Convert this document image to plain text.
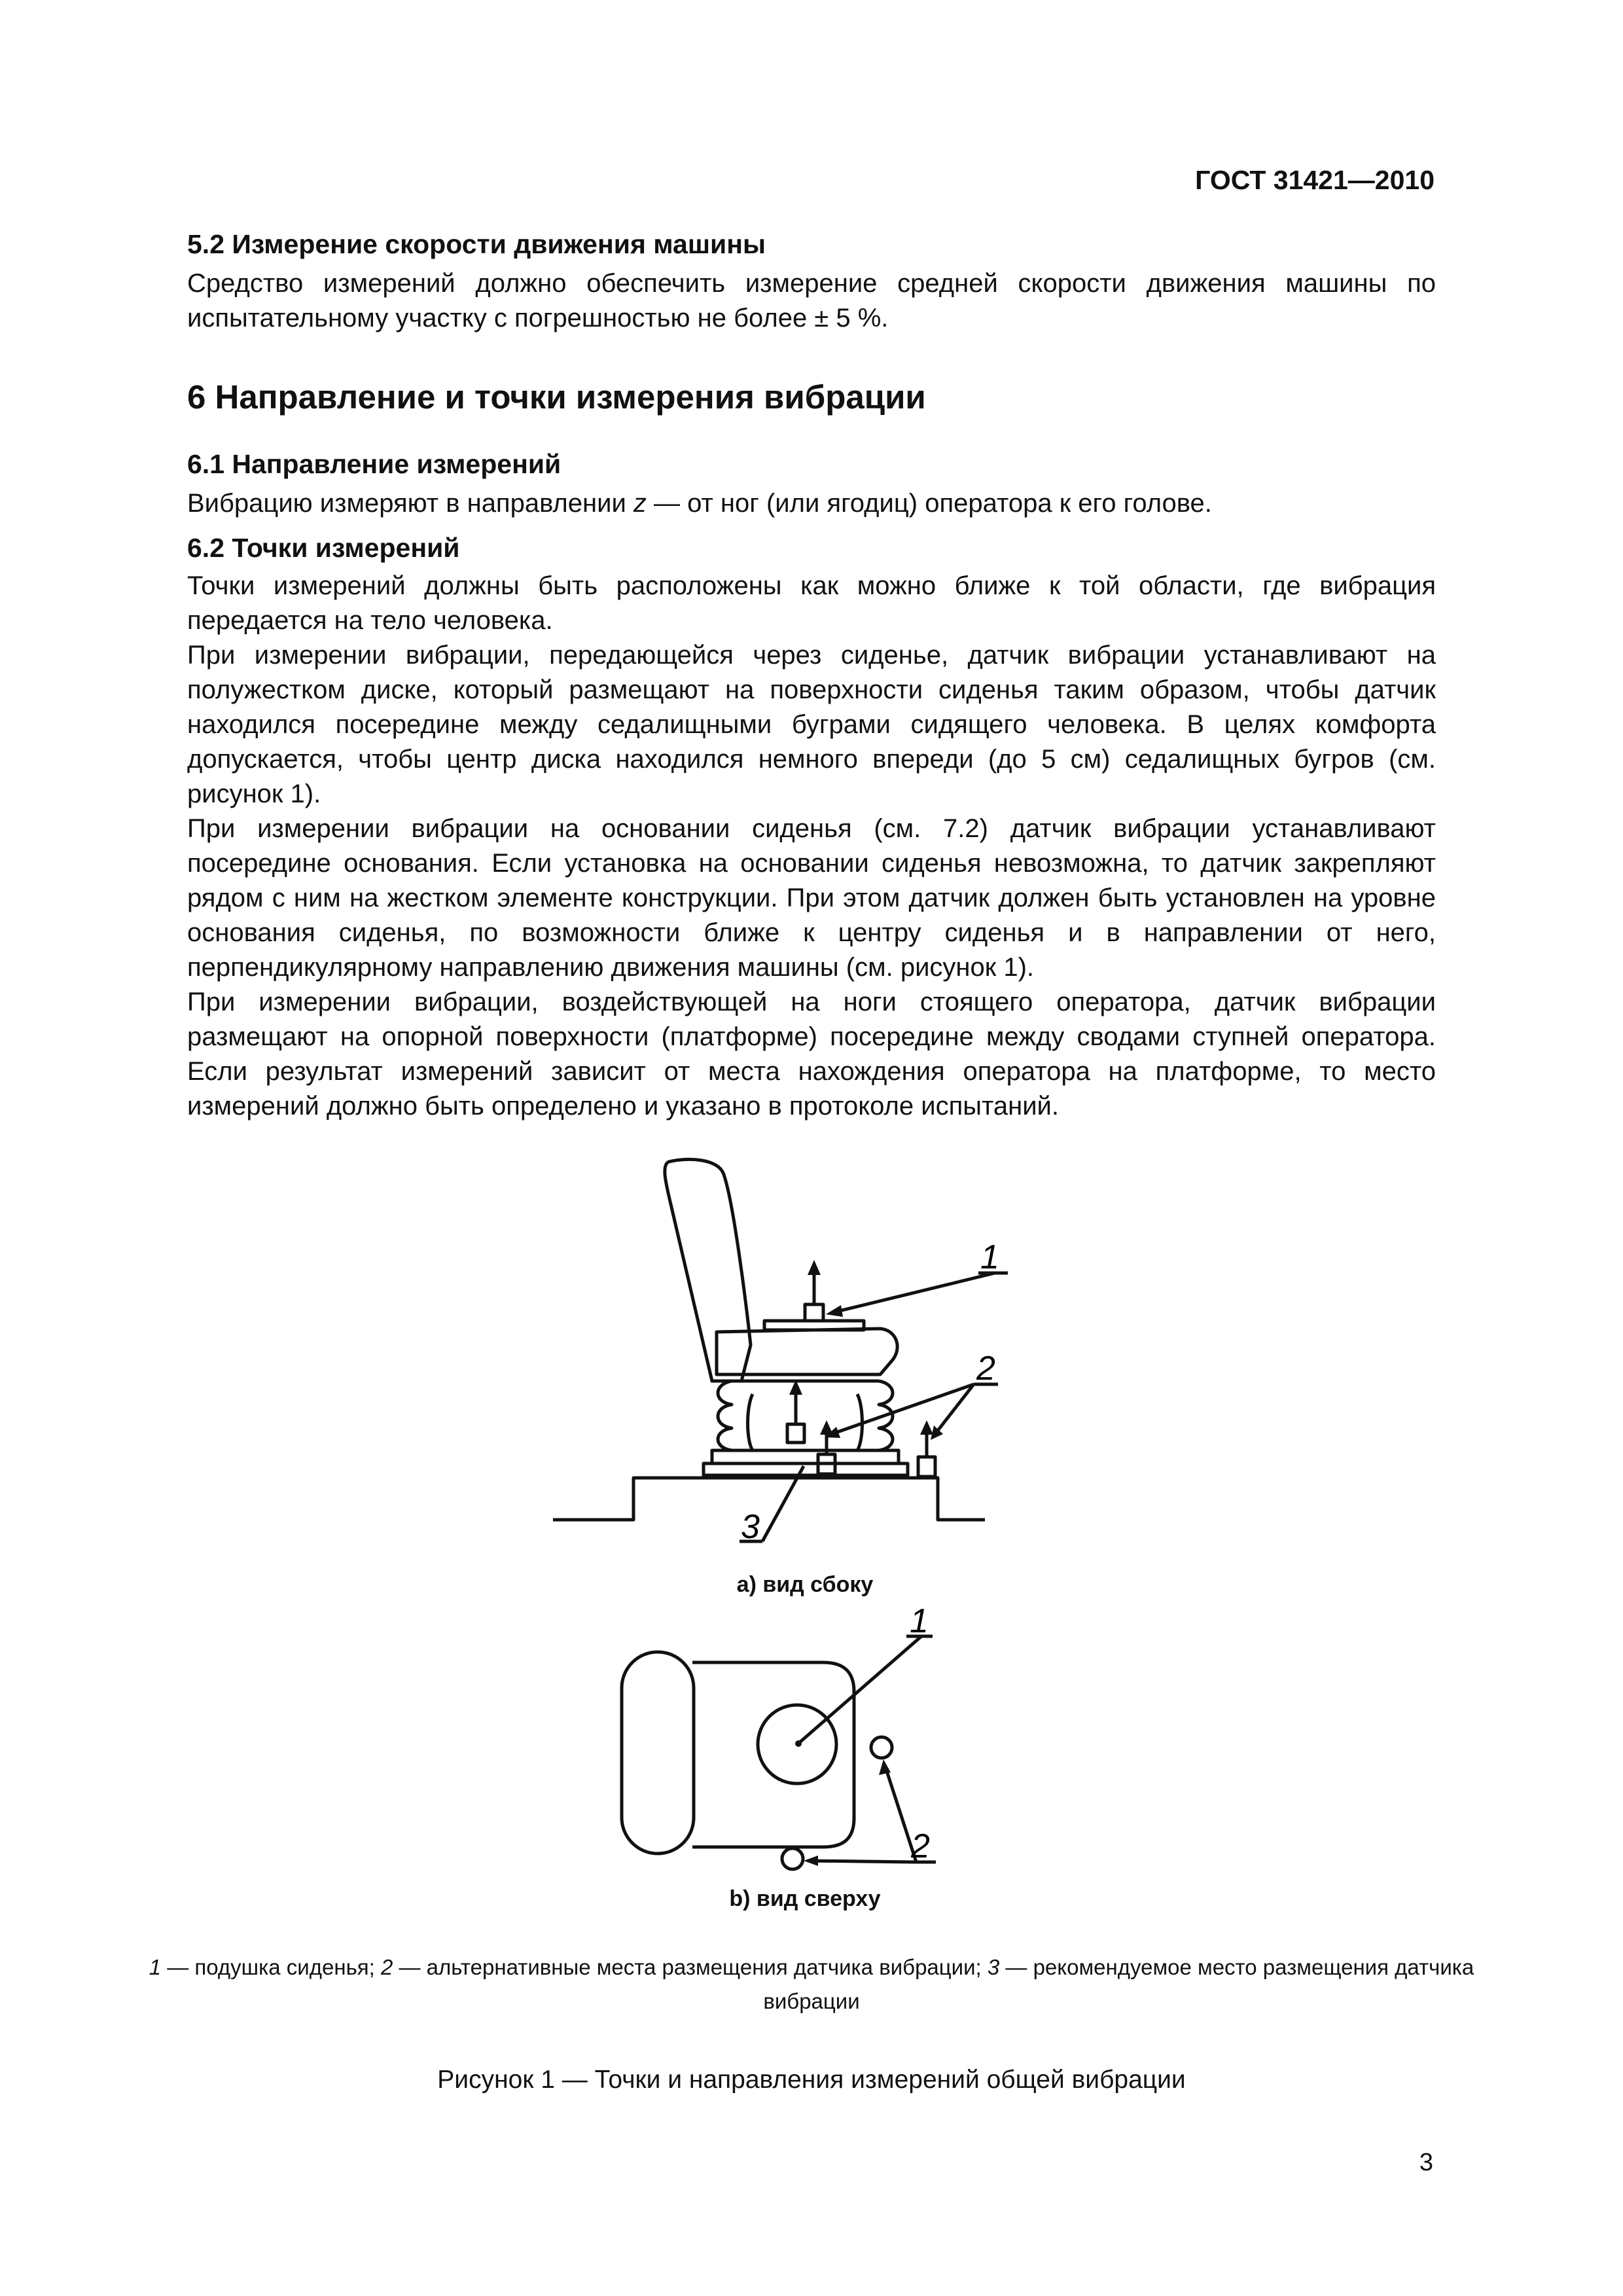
ГОСТ 31421—2010
5.2 Измерение скорости движения машины

Средство измерений должно обеспечить измерение средней скорости движения машины по испытательному участку с погрешностью не более ± 5 %.

6 Направление и точки измерения вибрации
6.1 Направление измерений

Вибрацию измеряют в направлении z — от ног (или ягодиц) оператора к его голове.

6.2 Точки измерений

Точки измерений должны быть расположены как можно ближе к той области, где вибрация передается на тело человека.

При измерении вибрации, передающейся через сиденье, датчик вибрации устанавливают на полужестком диске, который размещают на поверхности сиденья таким образом, чтобы датчик находился посередине между седалищными буграми сидящего человека. В целях комфорта допускается, чтобы центр диска находился немного впереди (до 5 см) седалищных бугров (см. рисунок 1).

При измерении вибрации на основании сиденья (см. 7.2) датчик вибрации устанавливают посередине основания. Если установка на основании сиденья невозможна, то датчик закрепляют рядом с ним на жестком элементе конструкции. При этом датчик должен быть установлен на уровне основания сиденья, по возможности ближе к центру сиденья и в направлении от него, перпендикулярному направлению движения машины (см. рисунок 1).

При измерении вибрации, воздействующей на ноги стоящего оператора, датчик вибрации размещают на опорной поверхности (платформе) посередине между сводами ступней оператора. Если результат измерений зависит от места нахождения оператора на платформе, то место измерений должно быть определено и указано в протоколе испытаний.

1
2
3
a) вид сбоку
1
2
b) вид сверху
1 — подушка сиденья; 2 — альтернативные места размещения датчика вибрации; 3 — рекомендуемое место размещения датчика вибрации
Рисунок 1 — Точки и направления измерений общей вибрации
3
